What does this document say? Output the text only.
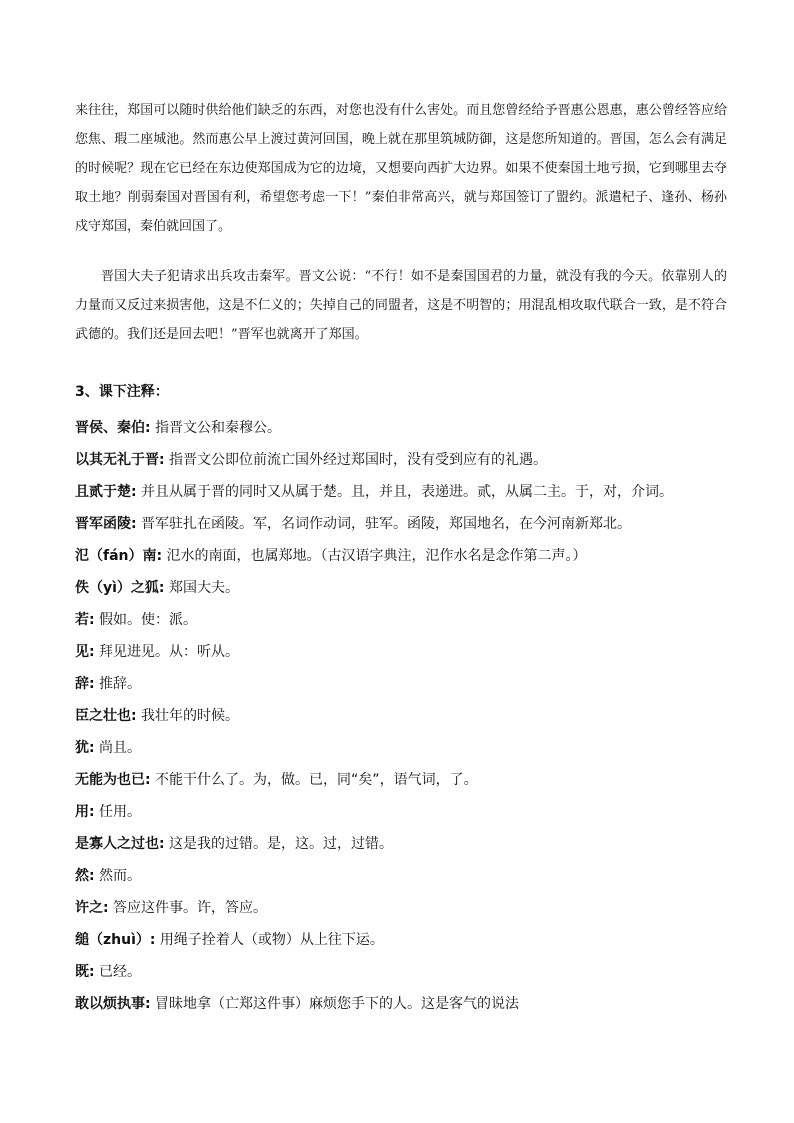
来往往，郑国可以随时供给他们缺乏的东西，对您也没有什么害处。而且您曾经给予晋惠公恩惠，惠公曾经答应给您焦、瑕二座城池。然而惠公早上渡过黄河回国，晚上就在那里筑城防御，这是您所知道的。晋国，怎么会有满足的时候呢？现在它已经在东边使郑国成为它的边境，又想要向西扩大边界。如果不使秦国土地亏损，它到哪里去夺取土地？削弱秦国对晋国有利，希望您考虑一下！”秦伯非常高兴，就与郑国签订了盟约。派遣杞子、逢孙、杨孙戍守郑国，秦伯就回国了。

晋国大夫子犯请求出兵攻击秦军。晋文公说：“不行！如不是秦国国君的力量，就没有我的今天。依靠别人的力量而又反过来损害他，这是不仁义的；失掉自己的同盟者，这是不明智的；用混乱相攻取代联合一致，是不符合武德的。我们还是回去吧！”晋军也就离开了郑国。

3、课下注释：
晋侯、秦伯: 指晋文公和秦穆公。
以其无礼于晋: 指晋文公即位前流亡国外经过郑国时，没有受到应有的礼遇。
且贰于楚: 并且从属于晋的同时又从属于楚。且，并且，表递进。贰，从属二主。于，对，介词。
晋军函陵: 晋军驻扎在函陵。军，名词作动词，驻军。函陵，郑国地名，在今河南新郑北。
氾（fán）南: 氾水的南面，也属郑地。（古汉语字典注，氾作水名是念作第二声。）
佚（yì）之狐: 郑国大夫。
若: 假如。使：派。
见: 拜见进见。从：听从。
辞: 推辞。
臣之壮也: 我壮年的时候。
犹: 尚且。
无能为也已: 不能干什么了。为，做。已，同“矣”，语气词，了。
用: 任用。
是寡人之过也: 这是我的过错。是，这。过，过错。
然: 然而。
许之: 答应这件事。许，答应。
缒（zhuì）: 用绳子拴着人（或物）从上往下运。
既: 已经。
敢以烦执事: 冒昧地拿（亡郑这件事）麻烦您手下的人。这是客气的说法
